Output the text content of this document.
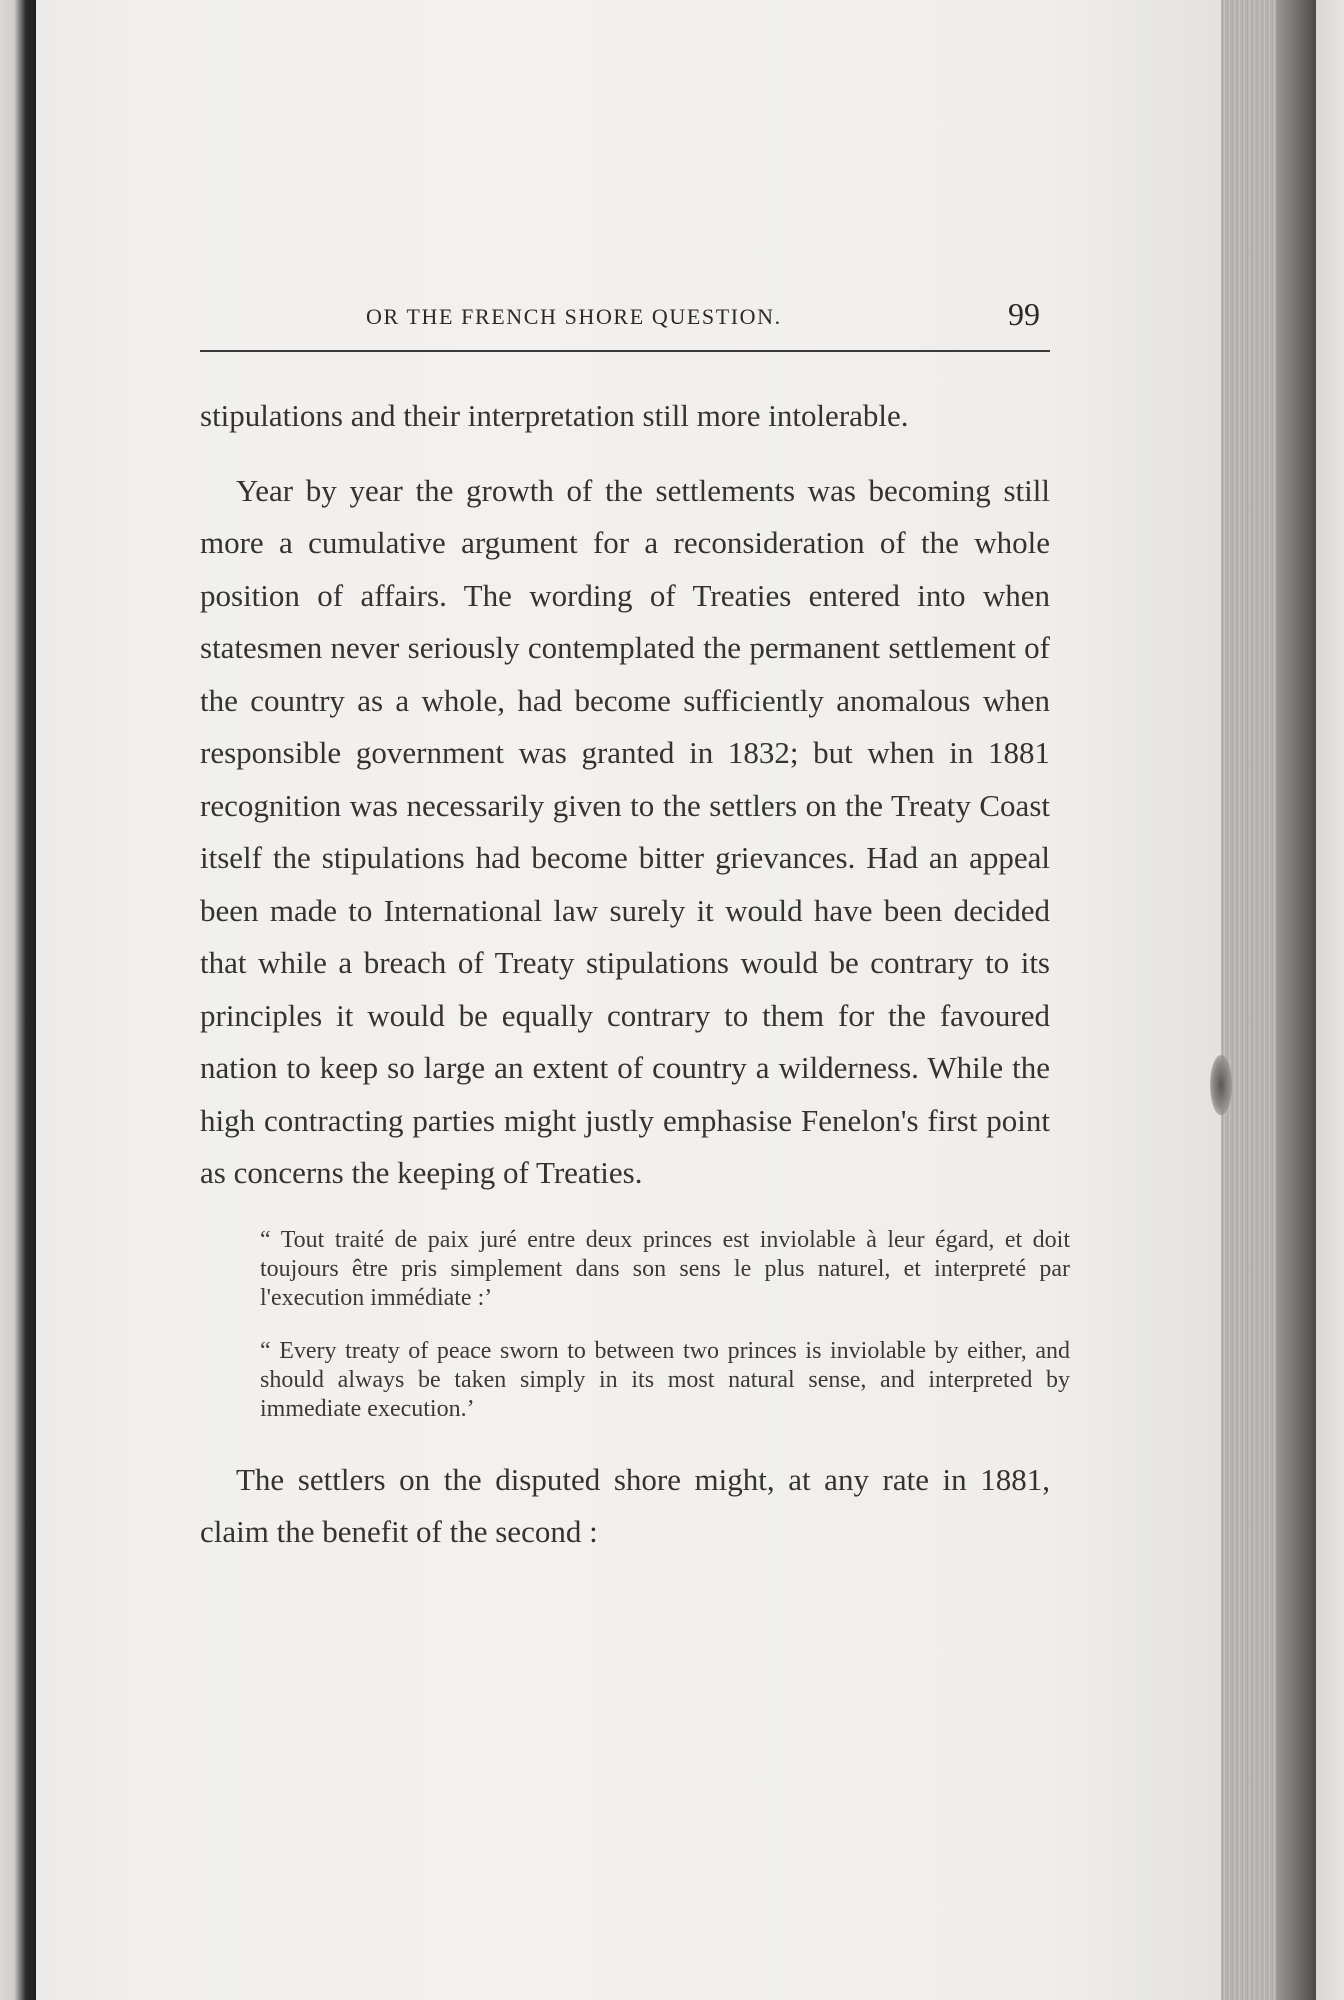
OR THE FRENCH SHORE QUESTION.	99

stipulations and their interpretation still more intolerable.

Year by year the growth of the settlements was becoming still more a cumulative argument for a reconsideration of the whole position of affairs. The wording of Treaties entered into when statesmen never seriously contemplated the permanent settlement of the country as a whole, had become sufficiently anomalous when responsible government was granted in 1832; but when in 1881 recognition was necessarily given to the settlers on the Treaty Coast itself the stipulations had become bitter grievances. Had an appeal been made to International law surely it would have been decided that while a breach of Treaty stipulations would be contrary to its principles it would be equally contrary to them for the favoured nation to keep so large an extent of country a wilderness. While the high contracting parties might justly emphasise Fenelon's first point as concerns the keeping of Treaties.

“ Tout traité de paix juré entre deux princes est inviolable à leur égard, et doit toujours être pris simplement dans son sens le plus naturel, et interpreté par l'execution immédiate :’

“ Every treaty of peace sworn to between two princes is inviolable by either, and should always be taken simply in its most natural sense, and interpreted by immediate execution.’

The settlers on the disputed shore might, at any rate in 1881, claim the benefit of the second :
